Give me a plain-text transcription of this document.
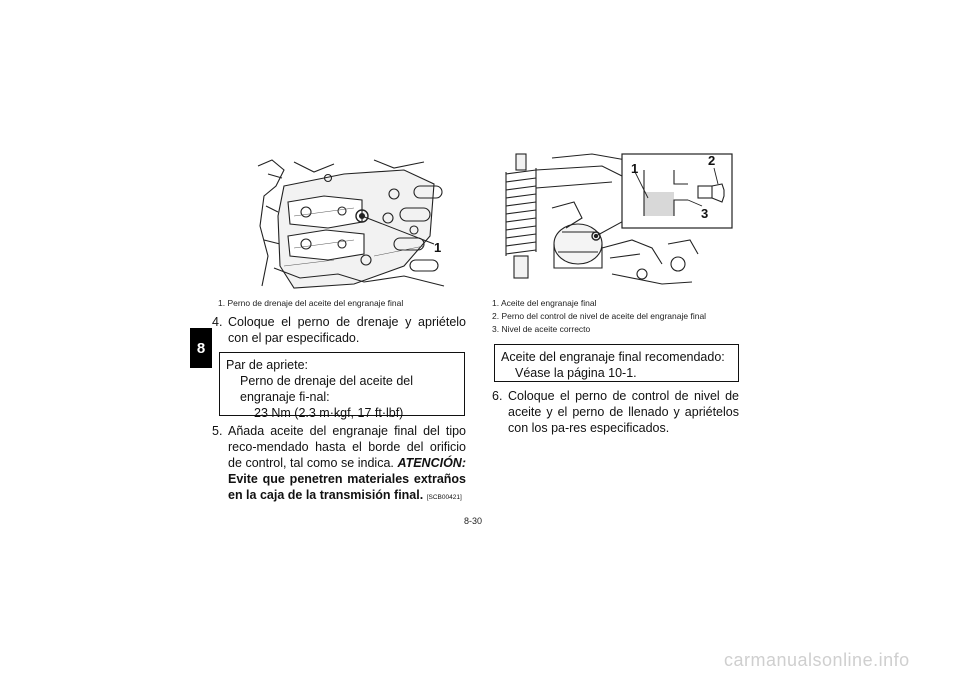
8
1
1. Perno de drenaje del aceite del engranaje final
4. Coloque el perno de drenaje y apriételo con el par especificado.
Par de apriete:
Perno de drenaje del aceite del engranaje fi-nal:
23 Nm (2.3 m·kgf, 17 ft·lbf)
5. Añada aceite del engranaje final del tipo reco-mendado hasta el borde del orificio de control, tal como se indica. ATENCIÓN: Evite que penetren materiales extraños en la caja de la transmisión final. [SCB00421]
1
2
3
1. Aceite del engranaje final
2. Perno del control de nivel de aceite del engranaje final
3. Nivel de aceite correcto
Aceite del engranaje final recomendado:
Véase la página 10-1.
6. Coloque el perno de control de nivel de aceite y el perno de llenado y apriételos con los pa-res especificados.
8-30
carmanualsonline.info
